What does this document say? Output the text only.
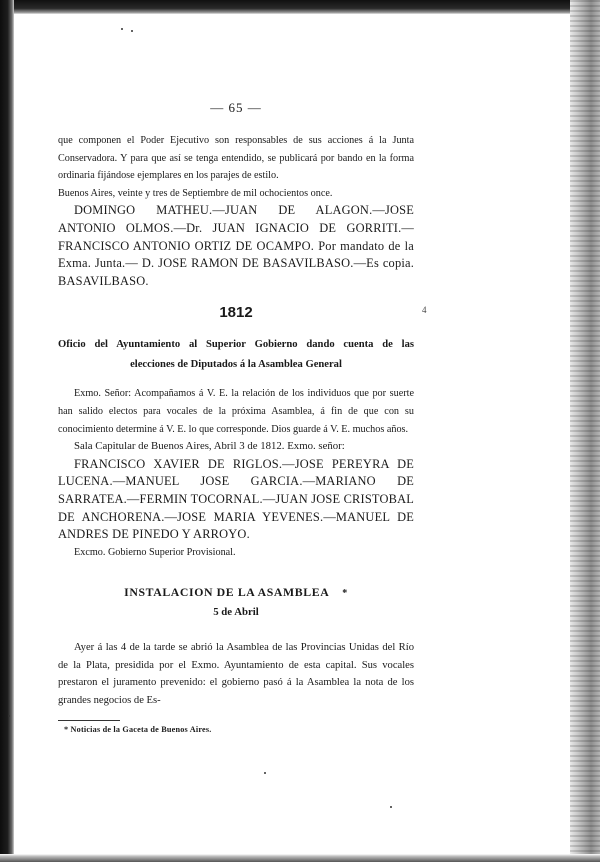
4
— 65 —

que componen el Poder Ejecutivo son responsables de sus acciones á la Junta Conservadora. Y para que así se tenga entendido, se publicará por bando en la forma ordinaria fijándose ejemplares en los parajes de estilo.

Buenos Aires, veinte y tres de Septiembre de mil ochocientos once.

DOMINGO MATHEU.—JUAN DE ALAGON.—JOSE ANTONIO OLMOS.—Dr. JUAN IGNACIO DE GORRITI.—FRANCISCO ANTONIO ORTIZ DE OCAMPO. Por mandato de la Exma. Junta.— D. JOSE RAMON DE BASAVILBASO.—Es copia. BASAVILBASO.

1812

Oficio del Ayuntamiento al Superior Gobierno dando cuenta de las

elecciones de Diputados á la Asamblea General

Exmo. Señor: Acompañamos á V. E. la relación de los individuos que por suerte han salido electos para vocales de la próxima Asamblea, á fin de que con su conocimiento determine á V. E. lo que corresponde. Dios guarde á V. E. muchos años.

Sala Capitular de Buenos Aires, Abril 3 de 1812. Exmo. señor:

FRANCISCO XAVIER DE RIGLOS.—JOSE PEREYRA DE LUCENA.—MANUEL JOSE GARCIA.—MARIANO DE SARRATEA.—FERMIN TOCORNAL.—JUAN JOSE CRISTOBAL DE ANCHORENA.—JOSE MARIA YEVENES.—MANUEL DE ANDRES DE PINEDO Y ARROYO.

Excmo. Gobierno Superior Provisional.

INSTALACION DE LA ASAMBLEA *
5 de Abril

Ayer á las 4 de la tarde se abrió la Asamblea de las Provincias Unidas del Río de la Plata, presidida por el Exmo. Ayuntamiento de esta capital. Sus vocales prestaron el juramento prevenido: el gobierno pasó á la Asamblea la nota de los grandes negocios de Es-

* Noticias de la Gaceta de Buenos Aires.
